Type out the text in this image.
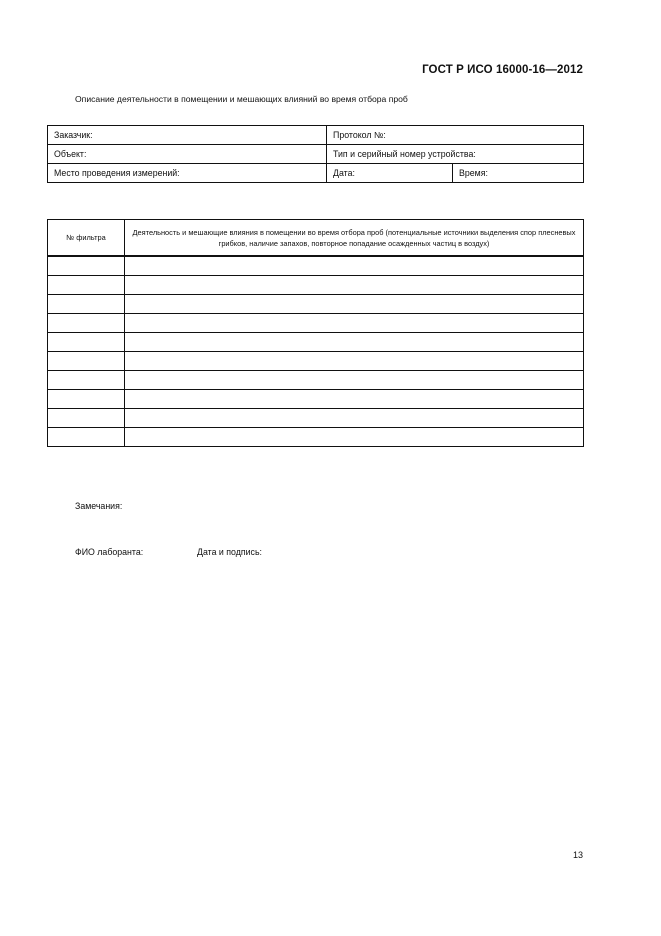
ГОСТ Р ИСО 16000-16—2012
Описание деятельности в помещении и мешающих влияний во время отбора проб
Заказчик:	Протокол №:	
Объект:	Тип и серийный номер устройства:	
Место проведения измерений:	Дата:	Время:
№ фильтра	Деятельность и мешающие влияния в помещении во время отбора проб (потенциальные источники выделения спор плесневых грибков, наличие запахов, повторное попадание осажденных частиц в воздух)

Замечания:
ФИО лаборанта:	Дата и подпись:
13
